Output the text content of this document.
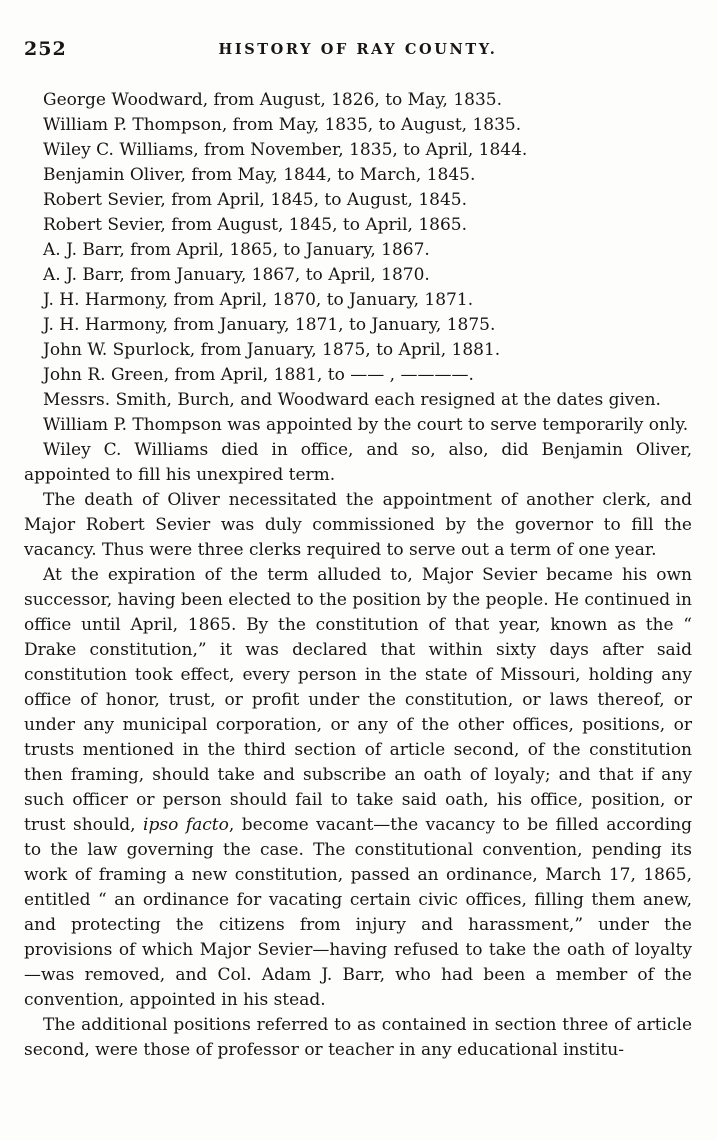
252	HISTORY OF RAY COUNTY.

George Woodward, from August, 1826, to May, 1835.

William P. Thompson, from May, 1835, to August, 1835.

Wiley C. Williams, from November, 1835, to April, 1844.

Benjamin Oliver, from May, 1844, to March, 1845.

Robert Sevier, from April, 1845, to August, 1845.

Robert Sevier, from August, 1845, to April, 1865.

A. J. Barr, from April, 1865, to January, 1867.

A. J. Barr, from January, 1867, to April, 1870.

J. H. Harmony, from April, 1870, to January, 1871.

J. H. Harmony, from January, 1871, to January, 1875.

John W. Spurlock, from January, 1875, to April, 1881.

John R. Green, from April, 1881, to —— , ————.

Messrs. Smith, Burch, and Woodward each resigned at the dates given.

William P. Thompson was appointed by the court to serve temporarily only.

Wiley C. Williams died in office, and so, also, did Benjamin Oliver, appointed to fill his unexpired term.

The death of Oliver necessitated the appointment of another clerk, and Major Robert Sevier was duly commissioned by the governor to fill the vacancy. Thus were three clerks required to serve out a term of one year.

At the expiration of the term alluded to, Major Sevier became his own successor, having been elected to the position by the people. He continued in office until April, 1865. By the constitution of that year, known as the “ Drake constitution,” it was declared that within sixty days after said constitution took effect, every person in the state of Missouri, holding any office of honor, trust, or profit under the constitution, or laws thereof, or under any municipal corporation, or any of the other offices, positions, or trusts mentioned in the third section of article second, of the constitution then framing, should take and subscribe an oath of loyaly; and that if any such officer or person should fail to take said oath, his office, position, or trust should, ipso facto, become vacant—the vacancy to be filled according to the law governing the case. The constitutional convention, pending its work of framing a new constitution, passed an ordinance, March 17, 1865, entitled “ an ordinance for vacating certain civic offices, filling them anew, and protecting the citizens from injury and harassment,” under the provisions of which Major Sevier—having refused to take the oath of loyalty—was removed, and Col. Adam J. Barr, who had been a member of the convention, appointed in his stead.

The additional positions referred to as contained in section three of article second, were those of professor or teacher in any educational institu-
